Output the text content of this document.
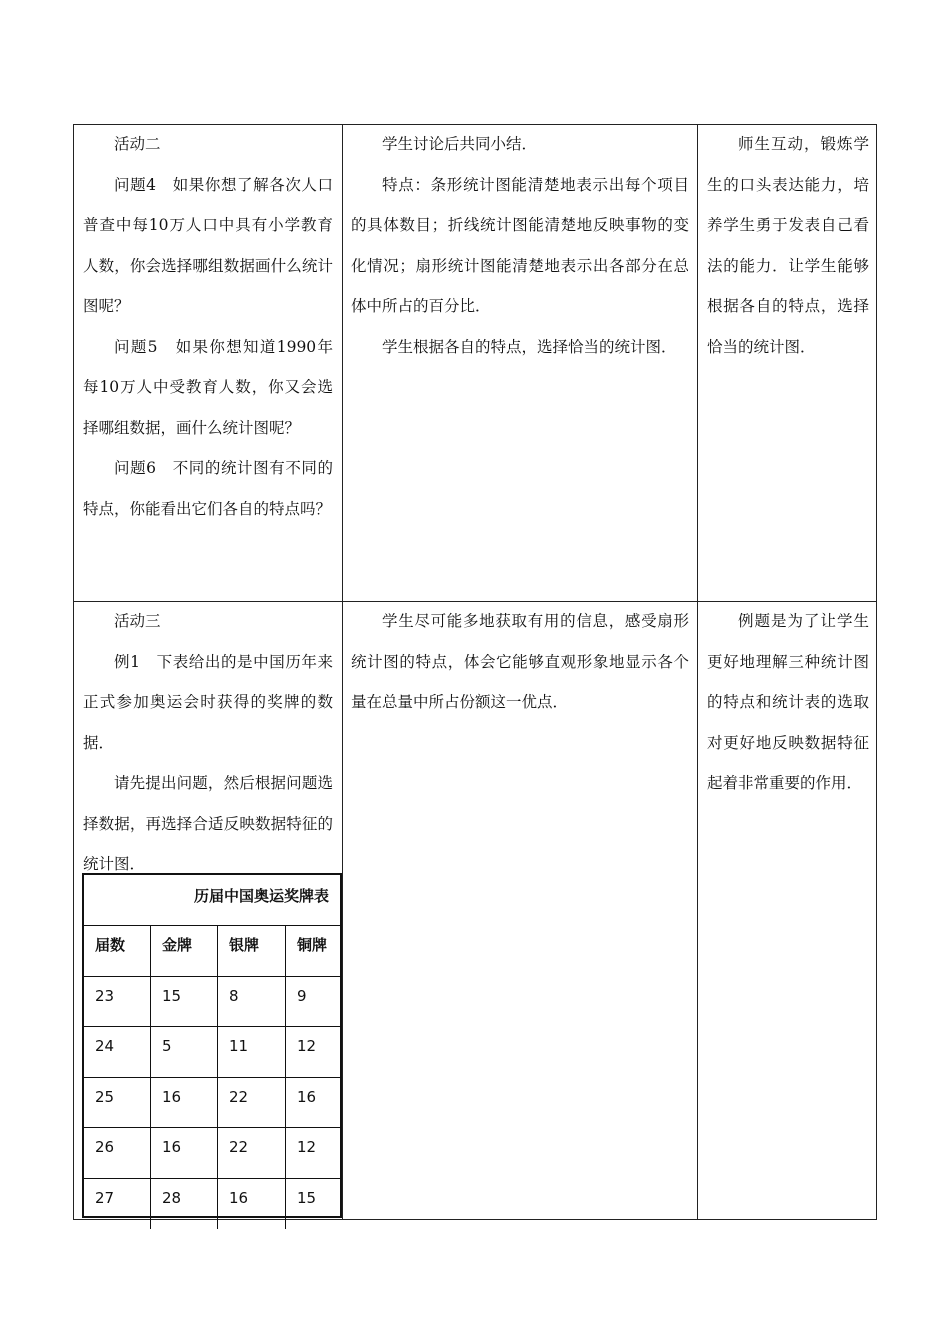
活动二

问题4　如果你想了解各次人口普查中每10万人口中具有小学教育人数，你会选择哪组数据画什么统计图呢？

问题5　如果你想知道1990年每10万人中受教育人数，你又会选择哪组数据，画什么统计图呢？

问题6　不同的统计图有不同的特点，你能看出它们各自的特点吗？

学生讨论后共同小结．

特点：条形统计图能清楚地表示出每个项目的具体数目；折线统计图能清楚地反映事物的变化情况；扇形统计图能清楚地表示出各部分在总体中所占的百分比．

学生根据各自的特点，选择恰当的统计图．

师生互动，锻炼学生的口头表达能力，培养学生勇于发表自己看法的能力．让学生能够根据各自的特点，选择恰当的统计图．

活动三

例1　下表给出的是中国历年来正式参加奥运会时获得的奖牌的数据．

请先提出问题，然后根据问题选择数据，再选择合适反映数据特征的统计图．

学生尽可能多地获取有用的信息，感受扇形统计图的特点，体会它能够直观形象地显示各个量在总量中所占份额这一优点．

例题是为了让学生更好地理解三种统计图的特点和统计表的选取对更好地反映数据特征起着非常重要的作用．

历届中国奥运奖牌表
届数	金牌	银牌	铜牌
23	15	8	9
24	5	11	12
25	16	22	16
26	16	22	12
27	28	16	15
